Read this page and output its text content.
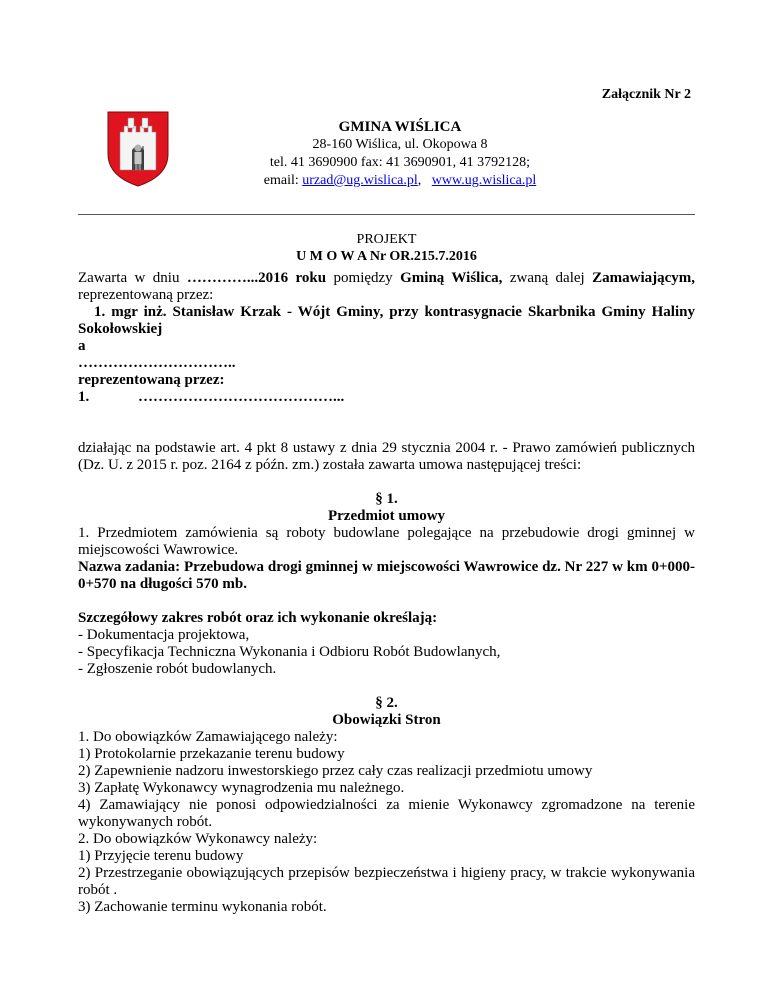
Załącznik Nr 2
GMINA WIŚLICA
28-160 Wiślica, ul. Okopowa 8
tel. 41 3690900 fax: 41 3690901, 41 3792128;
email: urzad@ug.wislica.pl, www.ug.wislica.pl
PROJEKT
U M O W A Nr OR.215.7.2016

Zawarta w dniu …………...2016 roku pomiędzy Gminą Wiślica, zwaną dalej Zamawiającym, reprezentowaną przez:

1. mgr inż. Stanisław Krzak - Wójt Gminy, przy kontrasygnacie Skarbnika Gminy Haliny Sokołowskiej

a

…………………………..

reprezentowaną przez:

1.	…………………………………...

działając na podstawie art. 4 pkt 8 ustawy z dnia 29 stycznia 2004 r. - Prawo zamówień publicznych (Dz. U. z 2015 r. poz. 2164 z późn. zm.) została zawarta umowa następującej treści:

§ 1.

Przedmiot umowy

1. Przedmiotem zamówienia są roboty budowlane polegające na przebudowie drogi gminnej w miejscowości Wawrowice.

Nazwa zadania: Przebudowa drogi gminnej w miejscowości Wawrowice dz. Nr 227 w km 0+000-0+570 na długości 570 mb.

Szczegółowy zakres robót oraz ich wykonanie określają:

- Dokumentacja projektowa,

- Specyfikacja Techniczna Wykonania i Odbioru Robót Budowlanych,

- Zgłoszenie robót budowlanych.

§ 2.

Obowiązki Stron

1. Do obowiązków Zamawiającego należy:

1) Protokolarnie przekazanie terenu budowy

2) Zapewnienie nadzoru inwestorskiego przez cały czas realizacji przedmiotu umowy

3) Zapłatę Wykonawcy wynagrodzenia mu należnego.

4) Zamawiający nie ponosi odpowiedzialności za mienie Wykonawcy zgromadzone na terenie wykonywanych robót.

2. Do obowiązków Wykonawcy należy:

1) Przyjęcie terenu budowy

2) Przestrzeganie obowiązujących przepisów bezpieczeństwa i higieny pracy, w trakcie wykonywania robót .

3) Zachowanie terminu wykonania robót.
